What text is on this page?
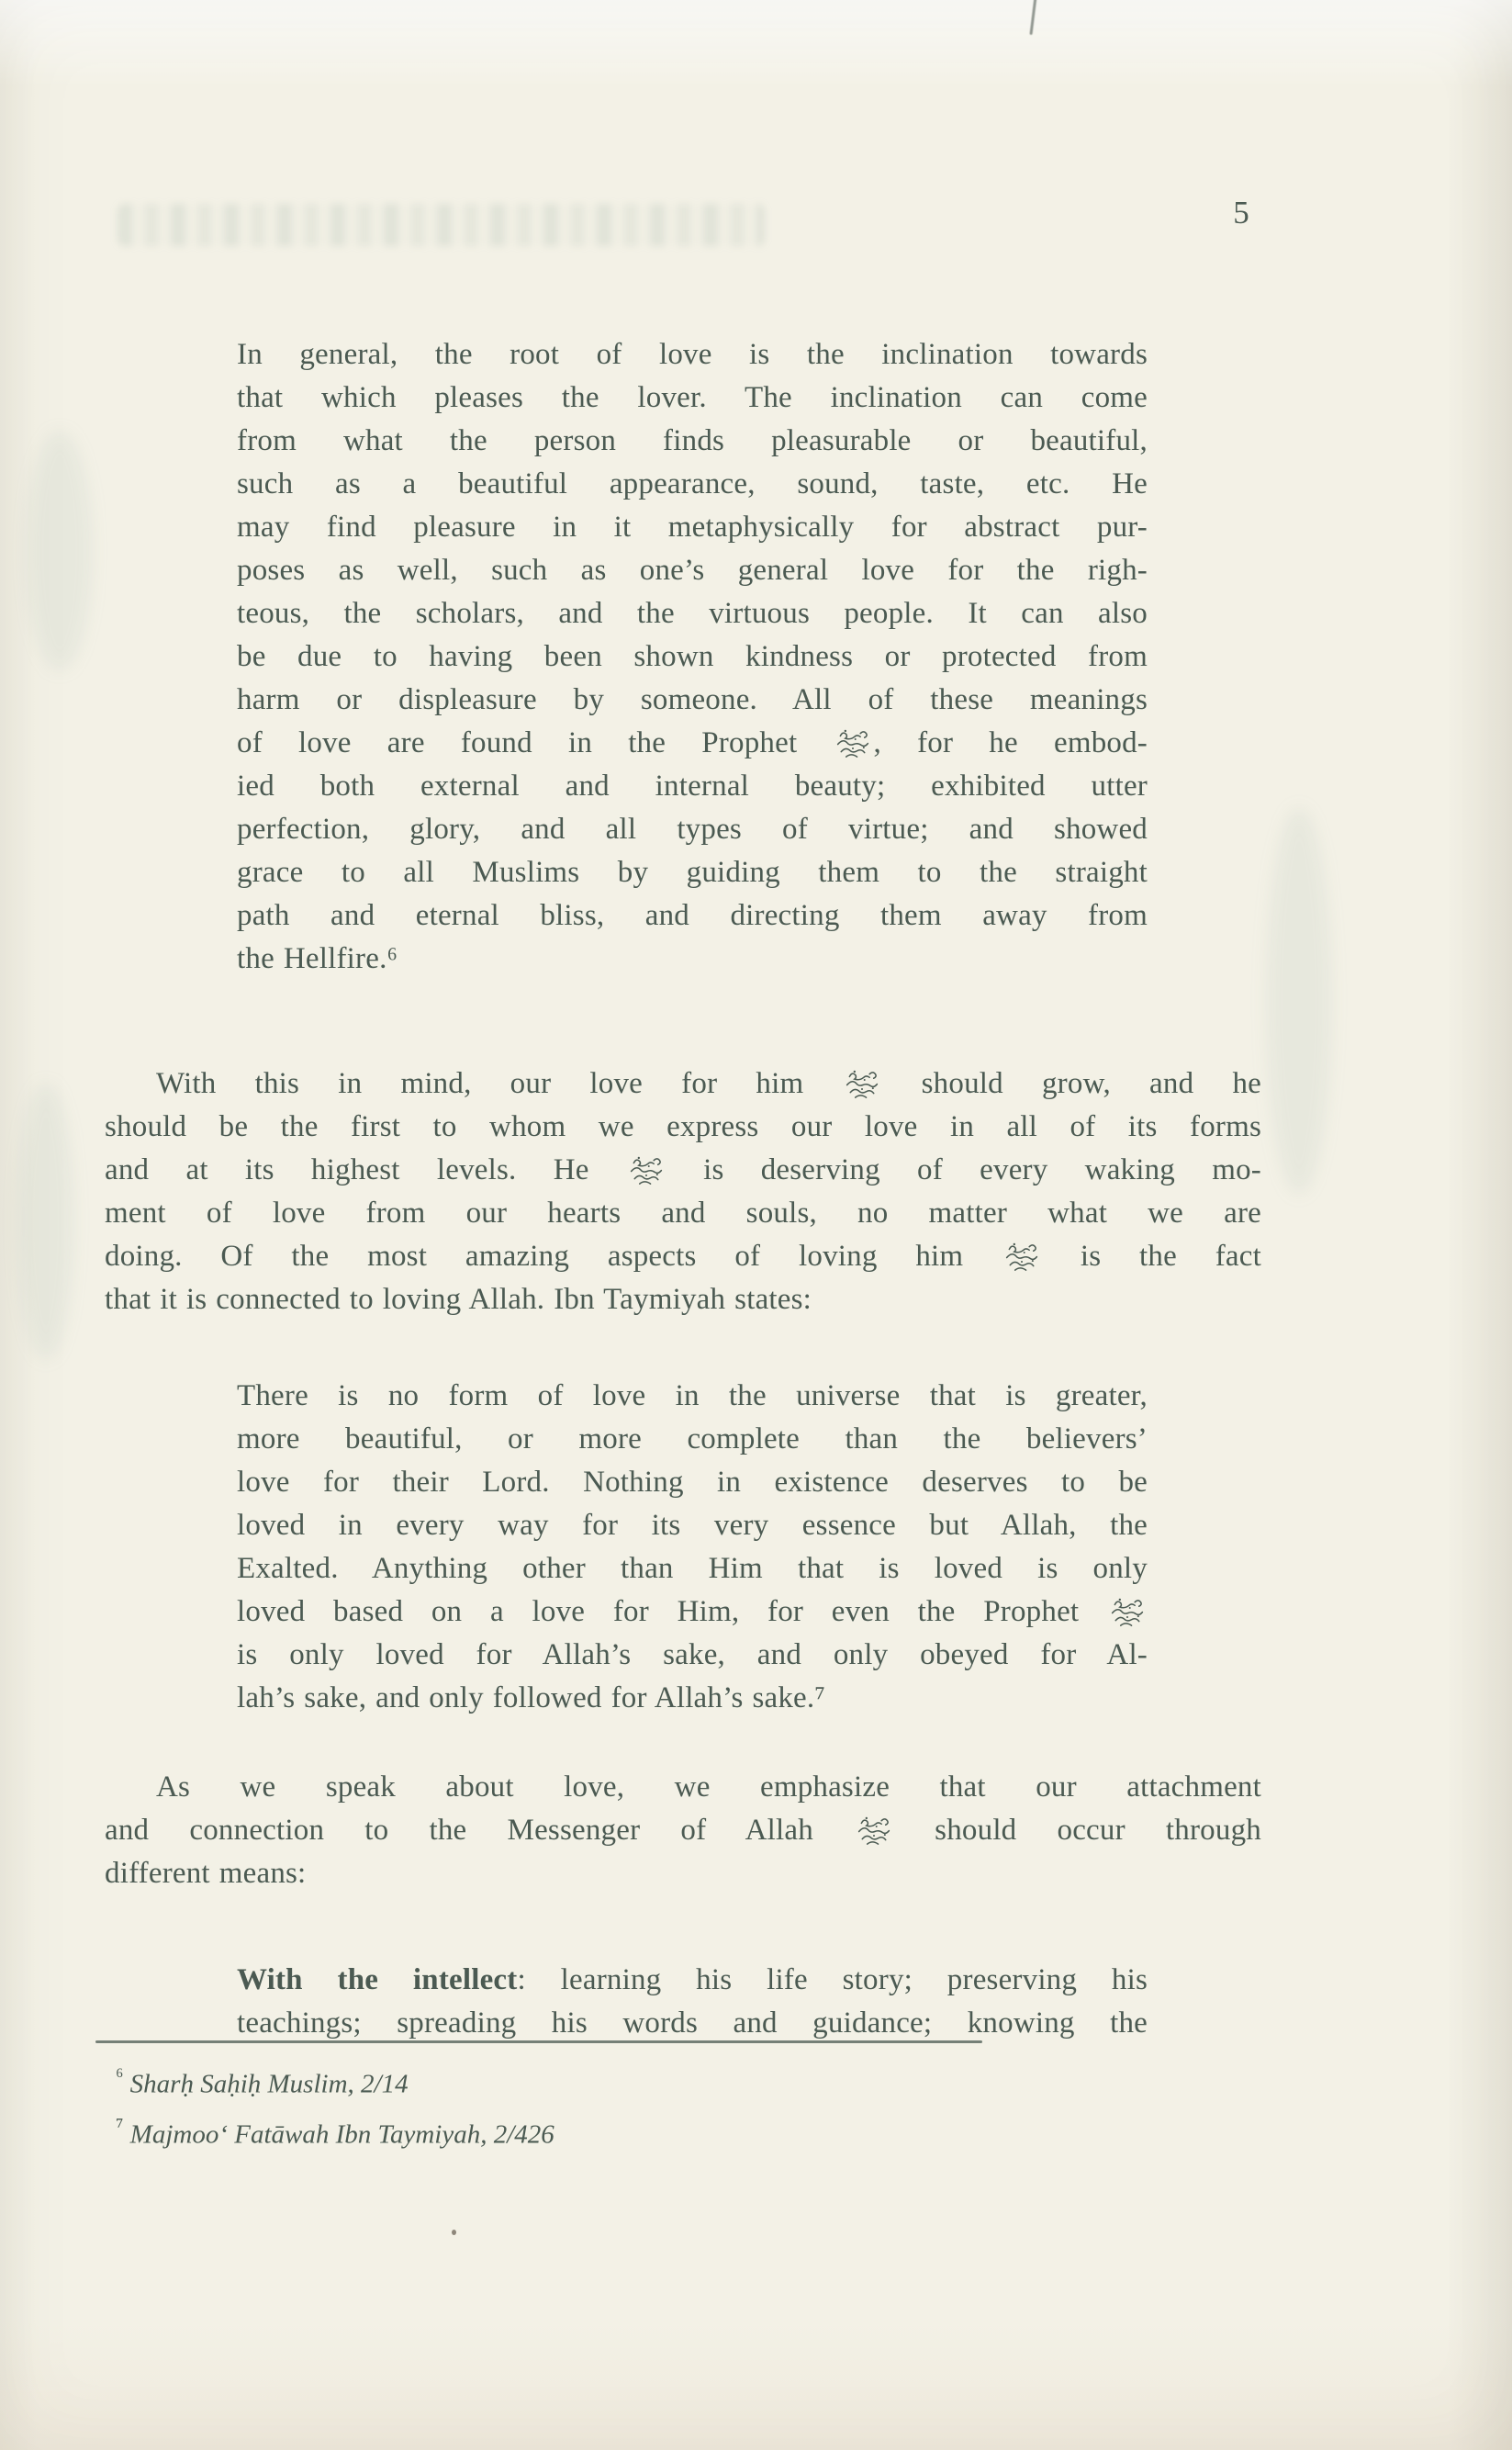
5
In general, the root of love is the inclination towards
that which pleases the lover. The inclination can come
from what the person finds pleasurable or beautiful,
such as a beautiful appearance, sound, taste, etc. He
may find pleasure in it metaphysically for abstract pur-
poses as well, such as one’s general love for the righ-
teous, the scholars, and the virtuous people. It can also
be due to having been shown kindness or protected from
harm or displeasure by someone. All of these meanings
of love are found in the Prophet
, for he embod-
ied both external and internal beauty; exhibited utter
perfection, glory, and all types of virtue; and showed
grace to all Muslims by guiding them to the straight
path and eternal bliss, and directing them away from
the Hellfire.⁶
With this in mind, our love for him
should grow, and he
should be the first to whom we express our love in all of its forms
and at its highest levels. He
is deserving of every waking mo-
ment of love from our hearts and souls, no matter what we are
doing. Of the most amazing aspects of loving him
is the fact
that it is connected to loving Allah. Ibn Taymiyah states:
There is no form of love in the universe that is greater,
more beautiful, or more complete than the believers’
love for their Lord. Nothing in existence deserves to be
loved in every way for its very essence but Allah, the
Exalted. Anything other than Him that is loved is only
loved based on a love for Him, for even the Prophet
is only loved for Allah’s sake, and only obeyed for Al-
lah’s sake, and only followed for Allah’s sake.⁷
As we speak about love, we emphasize that our attachment
and connection to the Messenger of Allah
should occur through
different means:
With the intellect: learning his life story; preserving his
teachings; spreading his words and guidance; knowing the
$^{^6}$ Sharḥ Saḥiḥ Muslim, 2/14
$^{^7}$ Majmoo‘ Fatāwah Ibn Taymiyah, 2/426
